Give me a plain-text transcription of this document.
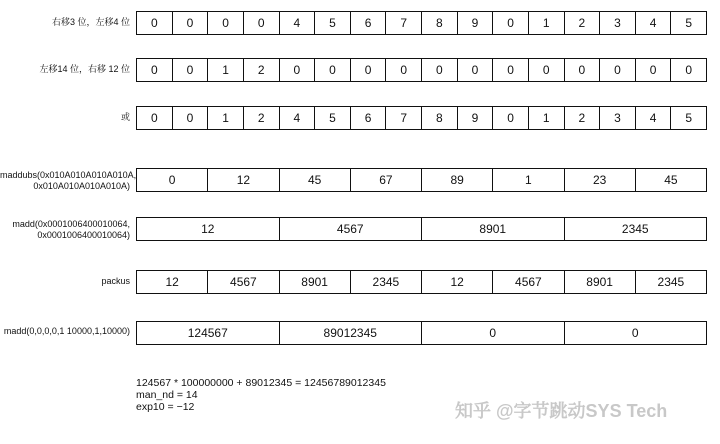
右移3 位，左移4 位
左移14 位，右移 12 位
或
maddubs(0x010A010A010A010A,
0x010A010A010A010A)
madd(0x0001006400010064,
0x0001006400010064)
packus
madd(0,0,0,0,1 10000,1,10000)
0	0	0	0	4	5	6	7	8	9	0	1	2	3	4	5
0	0	1	2	0	0	0	0	0	0	0	0	0	0	0	0
0	0	1	2	4	5	6	7	8	9	0	1	2	3	4	5
0	12	45	67	89	1	23	45
12	4567	8901	2345
12	4567	8901	2345	12	4567	8901	2345
124567	89012345	0	0
124567 * 100000000 + 89012345 = 12456789012345
man_nd = 14
exp10 = −12	知乎 @字节跳动SYS Tech
